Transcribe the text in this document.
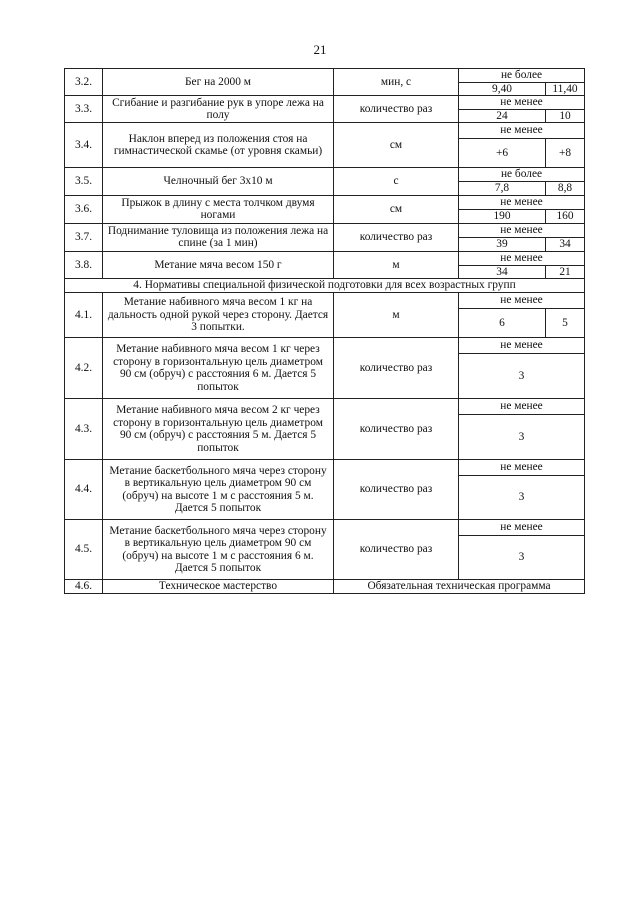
21
3.2.	Бег на 2000 м	мин, с	не более	
			9,40	11,40
3.3.	Сгибание и разгибание рук в упоре лежа на полу	количество раз	не менее	
			24	10
3.4.	Наклон вперед из положения стоя на гимнастической скамье (от уровня скамьи)	см	не менее	
			+6	+8
3.5.	Челночный бег 3x10 м	с	не более	
			7,8	8,8
3.6.	Прыжок в длину с места толчком двумя ногами	см	не менее	
			190	160
3.7.	Поднимание туловища из положения лежа на спине (за 1 мин)	количество раз	не менее	
			39	34
3.8.	Метание мяча весом 150 г	м	не менее	
			34	21
4. Нормативы специальной физической подготовки для всех возрастных групп				
4.1.	Метание набивного мяча весом 1 кг на дальность одной рукой через сторону. Дается 3 попытки.	м	не менее	
			6	5
4.2.	Метание набивного мяча весом 1 кг через сторону в горизонтальную цель диаметром 90 см (обруч) с расстояния 6 м. Дается 5 попыток	количество раз	не менее	
			3	
4.3.	Метание набивного мяча весом 2 кг через сторону в горизонтальную цель диаметром 90 см (обруч) с расстояния 5 м. Дается 5 попыток	количество раз	не менее	
			3	
4.4.	Метание баскетбольного мяча через сторону в вертикальную цель диаметром 90 см (обруч) на высоте 1 м с расстояния 5 м. Дается 5 попыток	количество раз	не менее	
			3	
4.5.	Метание баскетбольного мяча через сторону в вертикальную цель диаметром 90 см (обруч) на высоте 1 м с расстояния 6 м. Дается 5 попыток	количество раз	не менее	
			3	
4.6.	Техническое мастерство	Обязательная техническая программа		
